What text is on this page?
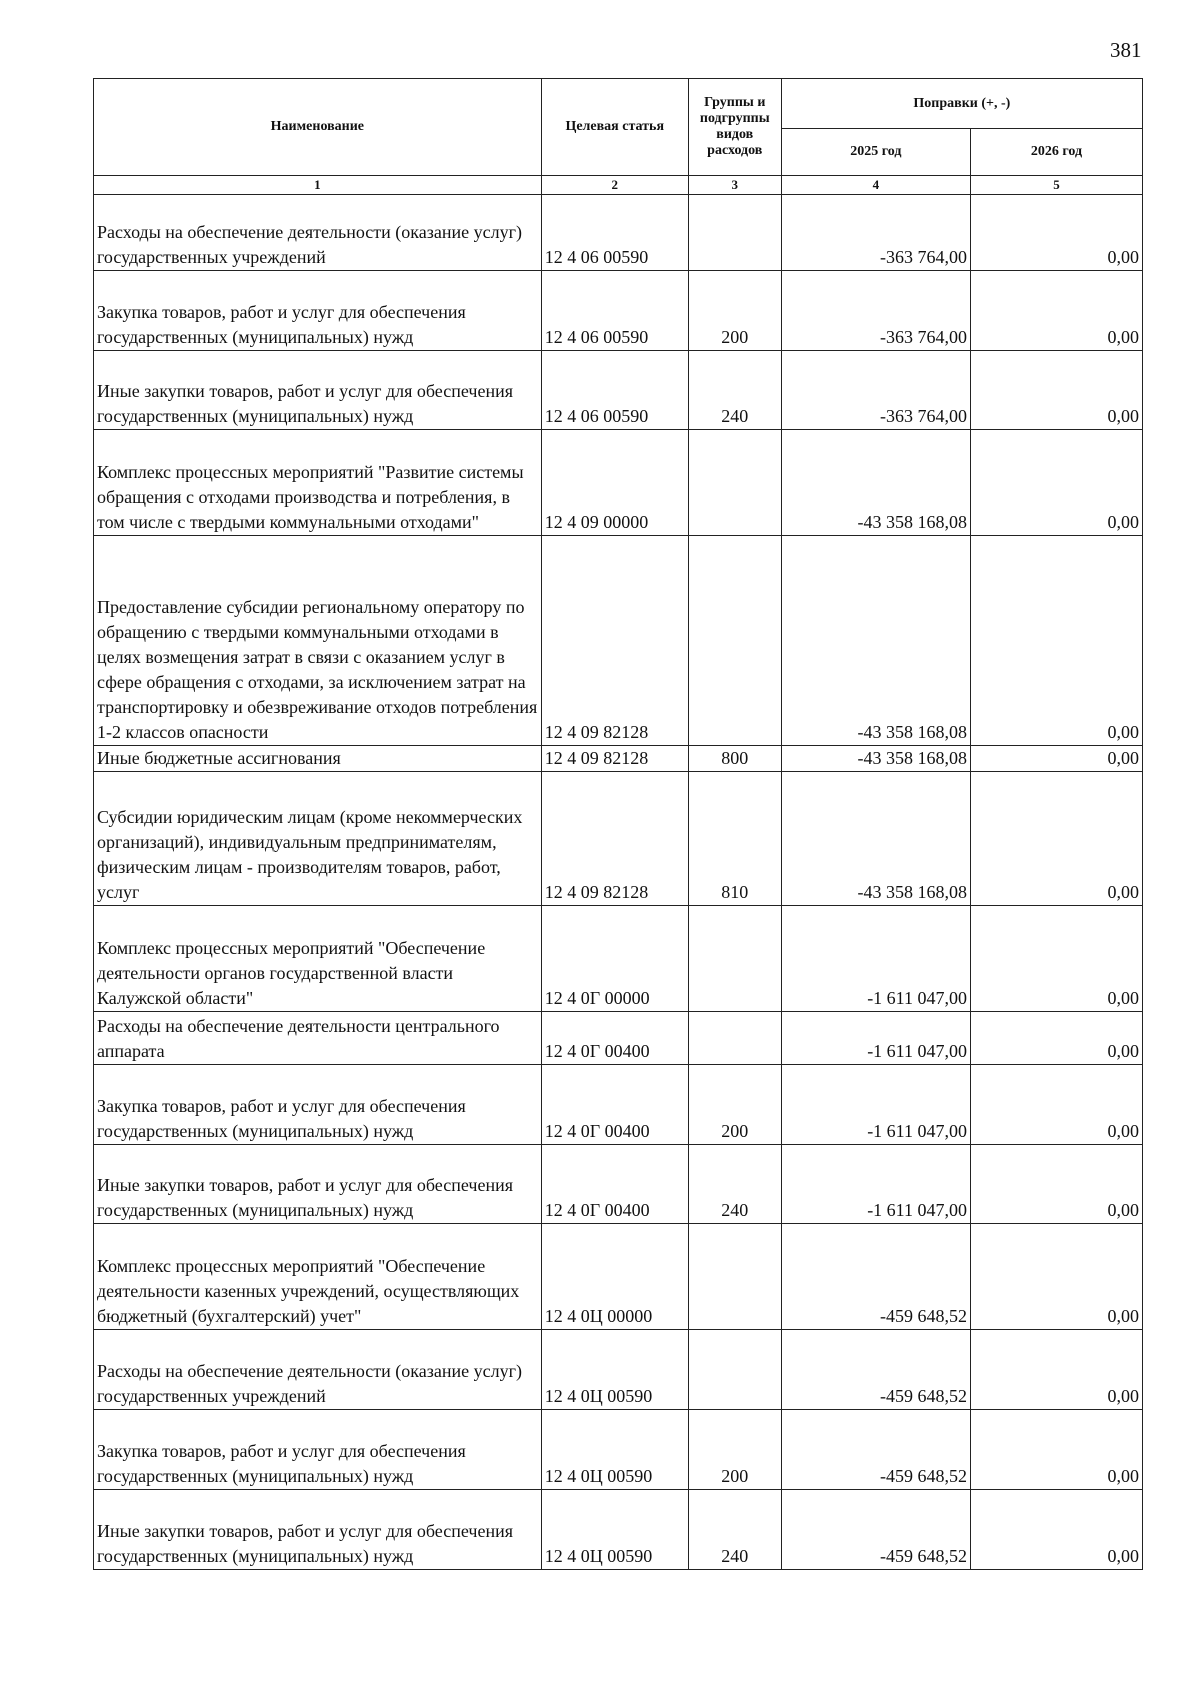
381
Наименование	Целевая статья	Группы и подгруппы видов расходов	Поправки (+, -)	
			2025 год	2026 год
1	2	3	4	5
Расходы на обеспечение деятельности (оказание услуг) государственных учреждений	12 4 06 00590		-363 764,00	0,00
Закупка товаров, работ и услуг для обеспечения государственных (муниципальных) нужд	12 4 06 00590	200	-363 764,00	0,00
Иные закупки товаров, работ и услуг для обеспечения государственных (муниципальных) нужд	12 4 06 00590	240	-363 764,00	0,00
Комплекс процессных мероприятий "Развитие системы обращения с отходами производства и потребления, в том числе с твердыми коммунальными отходами"	12 4 09 00000		-43 358 168,08	0,00
Предоставление субсидии региональному оператору по обращению с твердыми коммунальными отходами в целях возмещения затрат в связи с оказанием услуг в сфере обращения с отходами, за исключением затрат на транспортировку и обезвреживание отходов потребления 1-2 классов опасности	12 4 09 82128		-43 358 168,08	0,00
Иные бюджетные ассигнования	12 4 09 82128	800	-43 358 168,08	0,00
Субсидии юридическим лицам (кроме некоммерческих организаций), индивидуальным предпринимателям, физическим лицам - производителям товаров, работ, услуг	12 4 09 82128	810	-43 358 168,08	0,00
Комплекс процессных мероприятий "Обеспечение деятельности органов государственной власти Калужской области"	12 4 0Г 00000		-1 611 047,00	0,00
Расходы на обеспечение деятельности центрального аппарата	12 4 0Г 00400		-1 611 047,00	0,00
Закупка товаров, работ и услуг для обеспечения государственных (муниципальных) нужд	12 4 0Г 00400	200	-1 611 047,00	0,00
Иные закупки товаров, работ и услуг для обеспечения государственных (муниципальных) нужд	12 4 0Г 00400	240	-1 611 047,00	0,00
Комплекс процессных мероприятий "Обеспечение деятельности казенных учреждений, осуществляющих бюджетный (бухгалтерский) учет"	12 4 0Ц 00000		-459 648,52	0,00
Расходы на обеспечение деятельности (оказание услуг) государственных учреждений	12 4 0Ц 00590		-459 648,52	0,00
Закупка товаров, работ и услуг для обеспечения государственных (муниципальных) нужд	12 4 0Ц 00590	200	-459 648,52	0,00
Иные закупки товаров, работ и услуг для обеспечения государственных (муниципальных) нужд	12 4 0Ц 00590	240	-459 648,52	0,00
